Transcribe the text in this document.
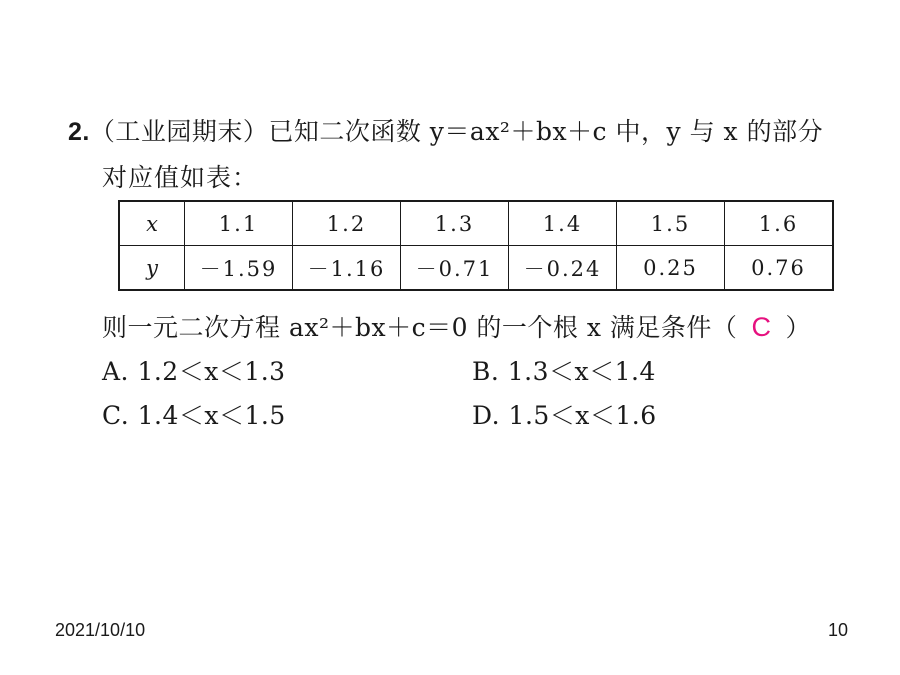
2.（工业园期末）已知二次函数 y＝ax²＋bx＋c 中，y 与 x 的部分
对应值如表：
x	1.1	1.2	1.3	1.4	1.5	1.6
y	－1.59	－1.16	－0.71	－0.24	0.25	0.76
则一元二次方程 ax²＋bx＋c＝0 的一个根 x 满足条件（ C ）
A. 1.2＜x＜1.3	B. 1.3＜x＜1.4
C. 1.4＜x＜1.5	D. 1.5＜x＜1.6
2021/10/10	10
